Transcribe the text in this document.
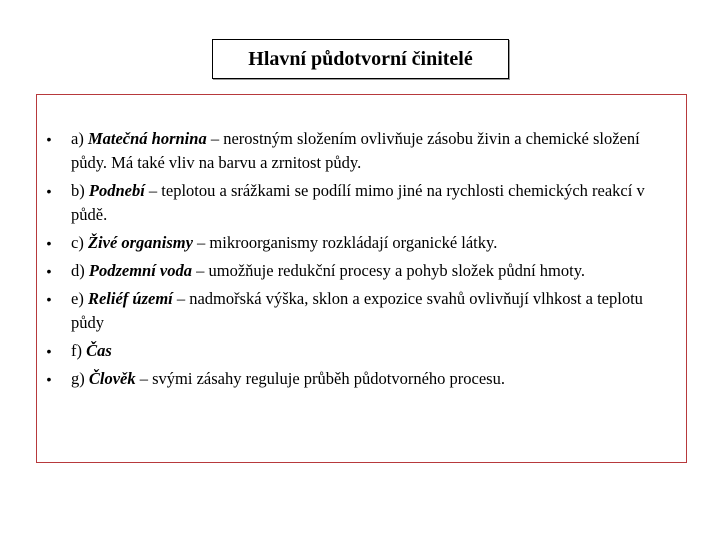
Hlavní půdotvorní činitelé
• a) Matečná hornina – nerostným složením ovlivňuje zásobu živin a chemické složení půdy. Má také vliv na barvu a zrnitost půdy.
• b) Podnebí – teplotou a srážkami se podílí mimo jiné na rychlosti chemických reakcí v půdě.
• c) Živé organismy – mikroorganismy rozkládají organické látky.
• d) Podzemní voda – umožňuje redukční procesy a pohyb složek půdní hmoty.
• e) Reliéf území – nadmořská výška, sklon a expozice svahů ovlivňují vlhkost a teplotu půdy
• f) Čas
• g) Člověk – svými zásahy reguluje průběh půdotvorného procesu.
